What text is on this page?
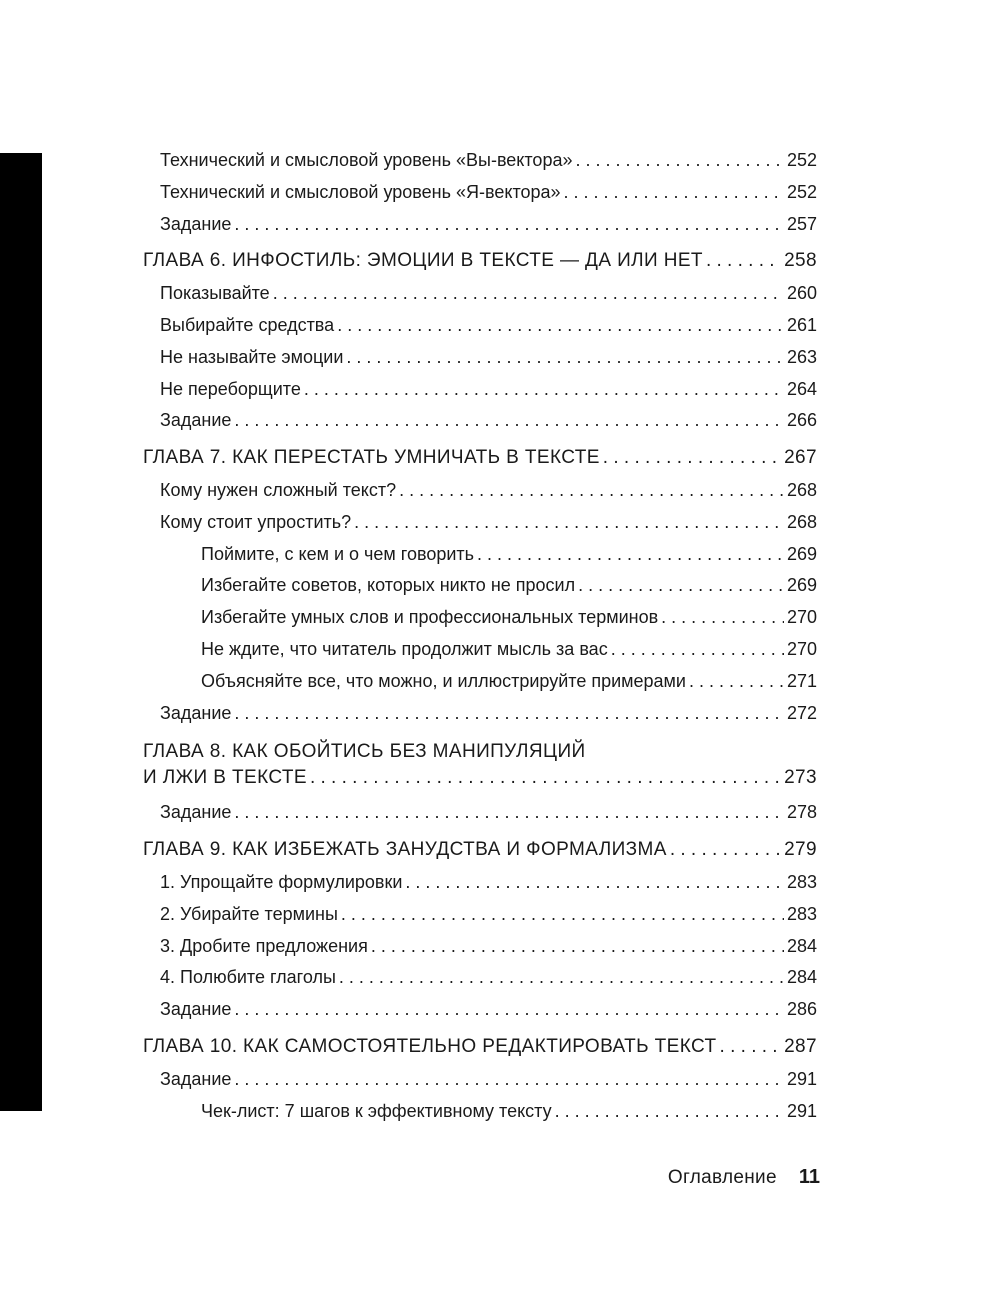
Технический и смысловой уровень «Вы-вектора» . . .	252
Технический и смысловой уровень «Я-вектора» . . .	252
Задание . . .	257
ГЛАВА 6. ИНФОСТИЛЬ: ЭМОЦИИ В ТЕКСТЕ — ДА ИЛИ НЕТ . . .	258
Показывайте . . .	260
Выбирайте средства . . .	261
Не называйте эмоции . . .	263
Не переборщите . . .	264
Задание . . .	266
ГЛАВА 7. КАК ПЕРЕСТАТЬ УМНИЧАТЬ В ТЕКСТЕ . . .	267
Кому нужен сложный текст? . . .	268
Кому стоит упростить? . . .	268
Поймите, с кем и о чем говорить . . .	269
Избегайте советов, которых никто не просил . . .	269
Избегайте умных слов и профессиональных терминов . . .	270
Не ждите, что читатель продолжит мысль за вас . . .	270
Объясняйте все, что можно, и иллюстрируйте примерами . . .	271
Задание . . .	272
ГЛАВА 8. КАК ОБОЙТИСЬ БЕЗ МАНИПУЛЯЦИЙ
И ЛЖИ В ТЕКСТЕ . . .	273
Задание . . .	278
ГЛАВА 9. КАК ИЗБЕЖАТЬ ЗАНУДСТВА И ФОРМАЛИЗМА . . .	279
1. Упрощайте формулировки . . .	283
2. Убирайте термины . . .	283
3. Дробите предложения . . .	284
4. Полюбите глаголы . . .	284
Задание . . .	286
ГЛАВА 10. КАК САМОСТОЯТЕЛЬНО РЕДАКТИРОВАТЬ ТЕКСТ . . .	287
Задание . . .	291
Чек-лист: 7 шагов к эффективному тексту . . .	291
Оглавление 11
